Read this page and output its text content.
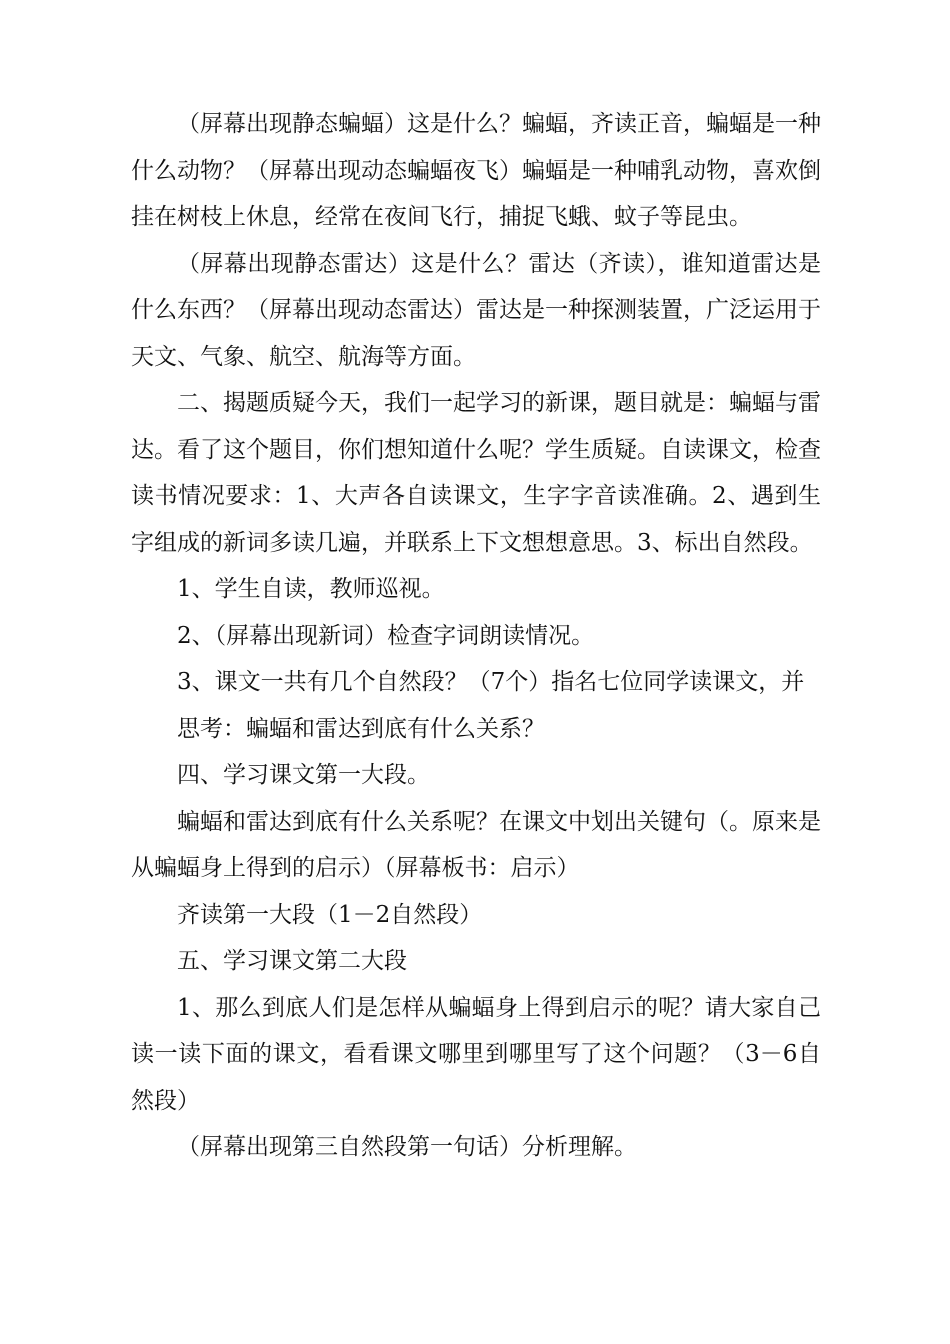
（屏幕出现静态蝙蝠）这是什么？蝙蝠，齐读正音，蝙蝠是一种什么动物？（屏幕出现动态蝙蝠夜飞）蝙蝠是一种哺乳动物，喜欢倒挂在树枝上休息，经常在夜间飞行，捕捉飞蛾、蚊子等昆虫。

（屏幕出现静态雷达）这是什么？雷达（齐读），谁知道雷达是什么东西？（屏幕出现动态雷达）雷达是一种探测装置，广泛运用于天文、气象、航空、航海等方面。

二、揭题质疑今天，我们一起学习的新课，题目就是：蝙蝠与雷达。看了这个题目，你们想知道什么呢？学生质疑。自读课文，检查读书情况要求：1、大声各自读课文，生字字音读准确。2、遇到生字组成的新词多读几遍，并联系上下文想想意思。3、标出自然段。

1、学生自读，教师巡视。

2、（屏幕出现新词）检查字词朗读情况。

3、课文一共有几个自然段？（7个）指名七位同学读课文，并

思考：蝙蝠和雷达到底有什么关系？

四、学习课文第一大段。

蝙蝠和雷达到底有什么关系呢？在课文中划出关键句（。原来是从蝙蝠身上得到的启示）（屏幕板书：启示）

齐读第一大段（1－2自然段）

五、学习课文第二大段

1、那么到底人们是怎样从蝙蝠身上得到启示的呢？请大家自己读一读下面的课文，看看课文哪里到哪里写了这个问题？（3－6自然段）

（屏幕出现第三自然段第一句话）分析理解。
